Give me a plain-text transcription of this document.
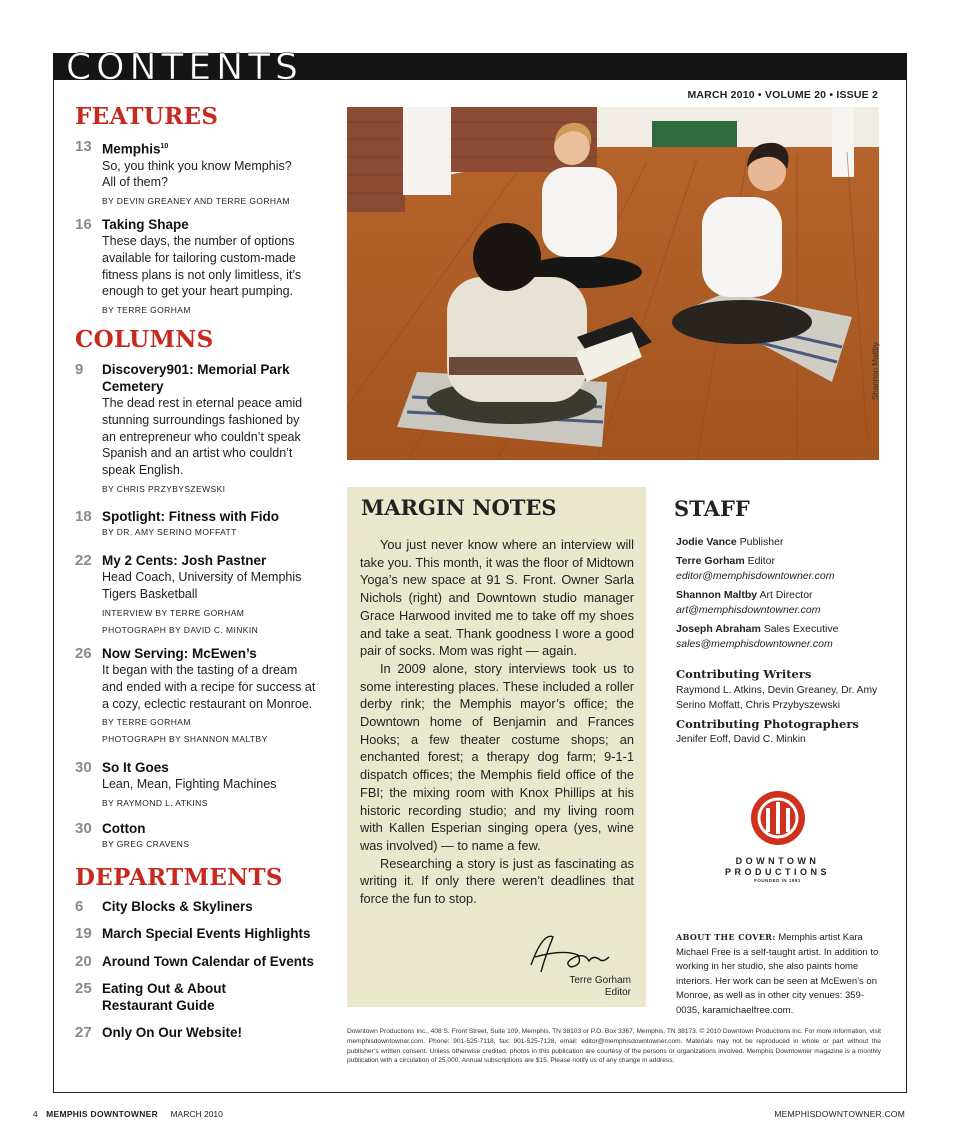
CONTENTS
MARCH 2010 • VOLUME 20 • ISSUE 2
FEATURES
13 Memphis$^{10}$
So, you think you know Memphis? All of them?
BY DEVIN GREANEY AND TERRE GORHAM
16 Taking Shape
These days, the number of options available for tailoring custom-made fitness plans is not only limitless, it’s enough to get your heart pumping.
BY TERRE GORHAM
COLUMNS
9 Discovery901: Memorial Park Cemetery
The dead rest in eternal peace amid stunning surroundings fashioned by an entrepreneur who couldn’t speak Spanish and an artist who couldn’t speak English.
BY CHRIS PRZYBYSZEWSKI
18 Spotlight: Fitness with Fido
BY DR. AMY SERINO MOFFATT
22 My 2 Cents: Josh Pastner
Head Coach, University of Memphis Tigers Basketball
INTERVIEW BY TERRE GORHAM
PHOTOGRAPH BY DAVID C. MINKIN
26 Now Serving: McEwen’s
It began with the tasting of a dream and ended with a recipe for success at a cozy, eclectic restaurant on Monroe.
BY TERRE GORHAM
PHOTOGRAPH BY SHANNON MALTBY
30 So It Goes
Lean, Mean, Fighting Machines
BY RAYMOND L. ATKINS
30 Cotton
BY GREG CRAVENS
DEPARTMENTS
6 City Blocks & Skyliners
19 March Special Events Highlights
20 Around Town Calendar of Events
25 Eating Out & About Restaurant Guide
27 Only On Our Website!
Shannon Maltby
MARGIN NOTES

You just never know where an interview will take you. This month, it was the floor of Midtown Yoga’s new space at 91 S. Front. Owner Sarla Nichols (right) and Downtown studio manager Grace Harwood invited me to take off my shoes and take a seat. Thank goodness I wore a good pair of socks. Mom was right — again.

In 2009 alone, story interviews took us to some interesting places. These included a roller derby rink; the Memphis mayor’s office; the Downtown home of Benjamin and Frances Hooks; a few theater costume shops; an enchanted forest; a therapy dog farm; 9-1-1 dispatch offices; the Memphis field office of the FBI; the mixing room with Knox Phillips at his historic recording studio; and my living room with Kallen Esperian singing opera (yes, wine was involved) — to name a few.

Researching a story is just as fascinating as writing it. If only there weren’t deadlines that force the fun to stop.

Terre Gorham
Editor
STAFF
Jodie Vance Publisher
Terre Gorham Editor
editor@memphisdowntowner.com
Shannon Maltby Art Director
art@memphisdowntowner.com
Joseph Abraham Sales Executive
sales@memphisdowntowner.com
Contributing Writers
Raymond L. Atkins, Devin Greaney, Dr. Amy Serino Moffatt, Chris Przybyszewski
Contributing Photographers
Jenifer Eoff, David C. Minkin
DOWNTOWN
PRODUCTIONS
FOUNDED IN 1991
ABOUT THE COVER: Memphis artist Kara Michael Free is a self-taught artist. In addition to working in her studio, she also paints home interiors. Her work can be seen at McEwen’s on Monroe, as well as in other city venues: 359-0035, karamichaelfree.com.
Downtown Productions Inc., 408 S. Front Street, Suite 109, Memphis, TN 38103 or P.O. Box 3367, Memphis, TN 38173. © 2010 Downtown Productions Inc. For more information, visit memphisdowntowner.com. Phone: 901-525-7118, fax: 901-525-7128, email: editor@memphisdowntowner.com. Materials may not be reproduced in whole or part without the publisher’s written consent. Unless otherwise credited, photos in this publication are courtesy of the persons or organizations involved. Memphis Downtowner magazine is a monthly publication with a circulation of 25,000. Annual subscriptions are $15. Please notify us of any change in address.
4 MEMPHIS DOWNTOWNER MARCH 2010	MEMPHISDOWNTOWNER.COM
